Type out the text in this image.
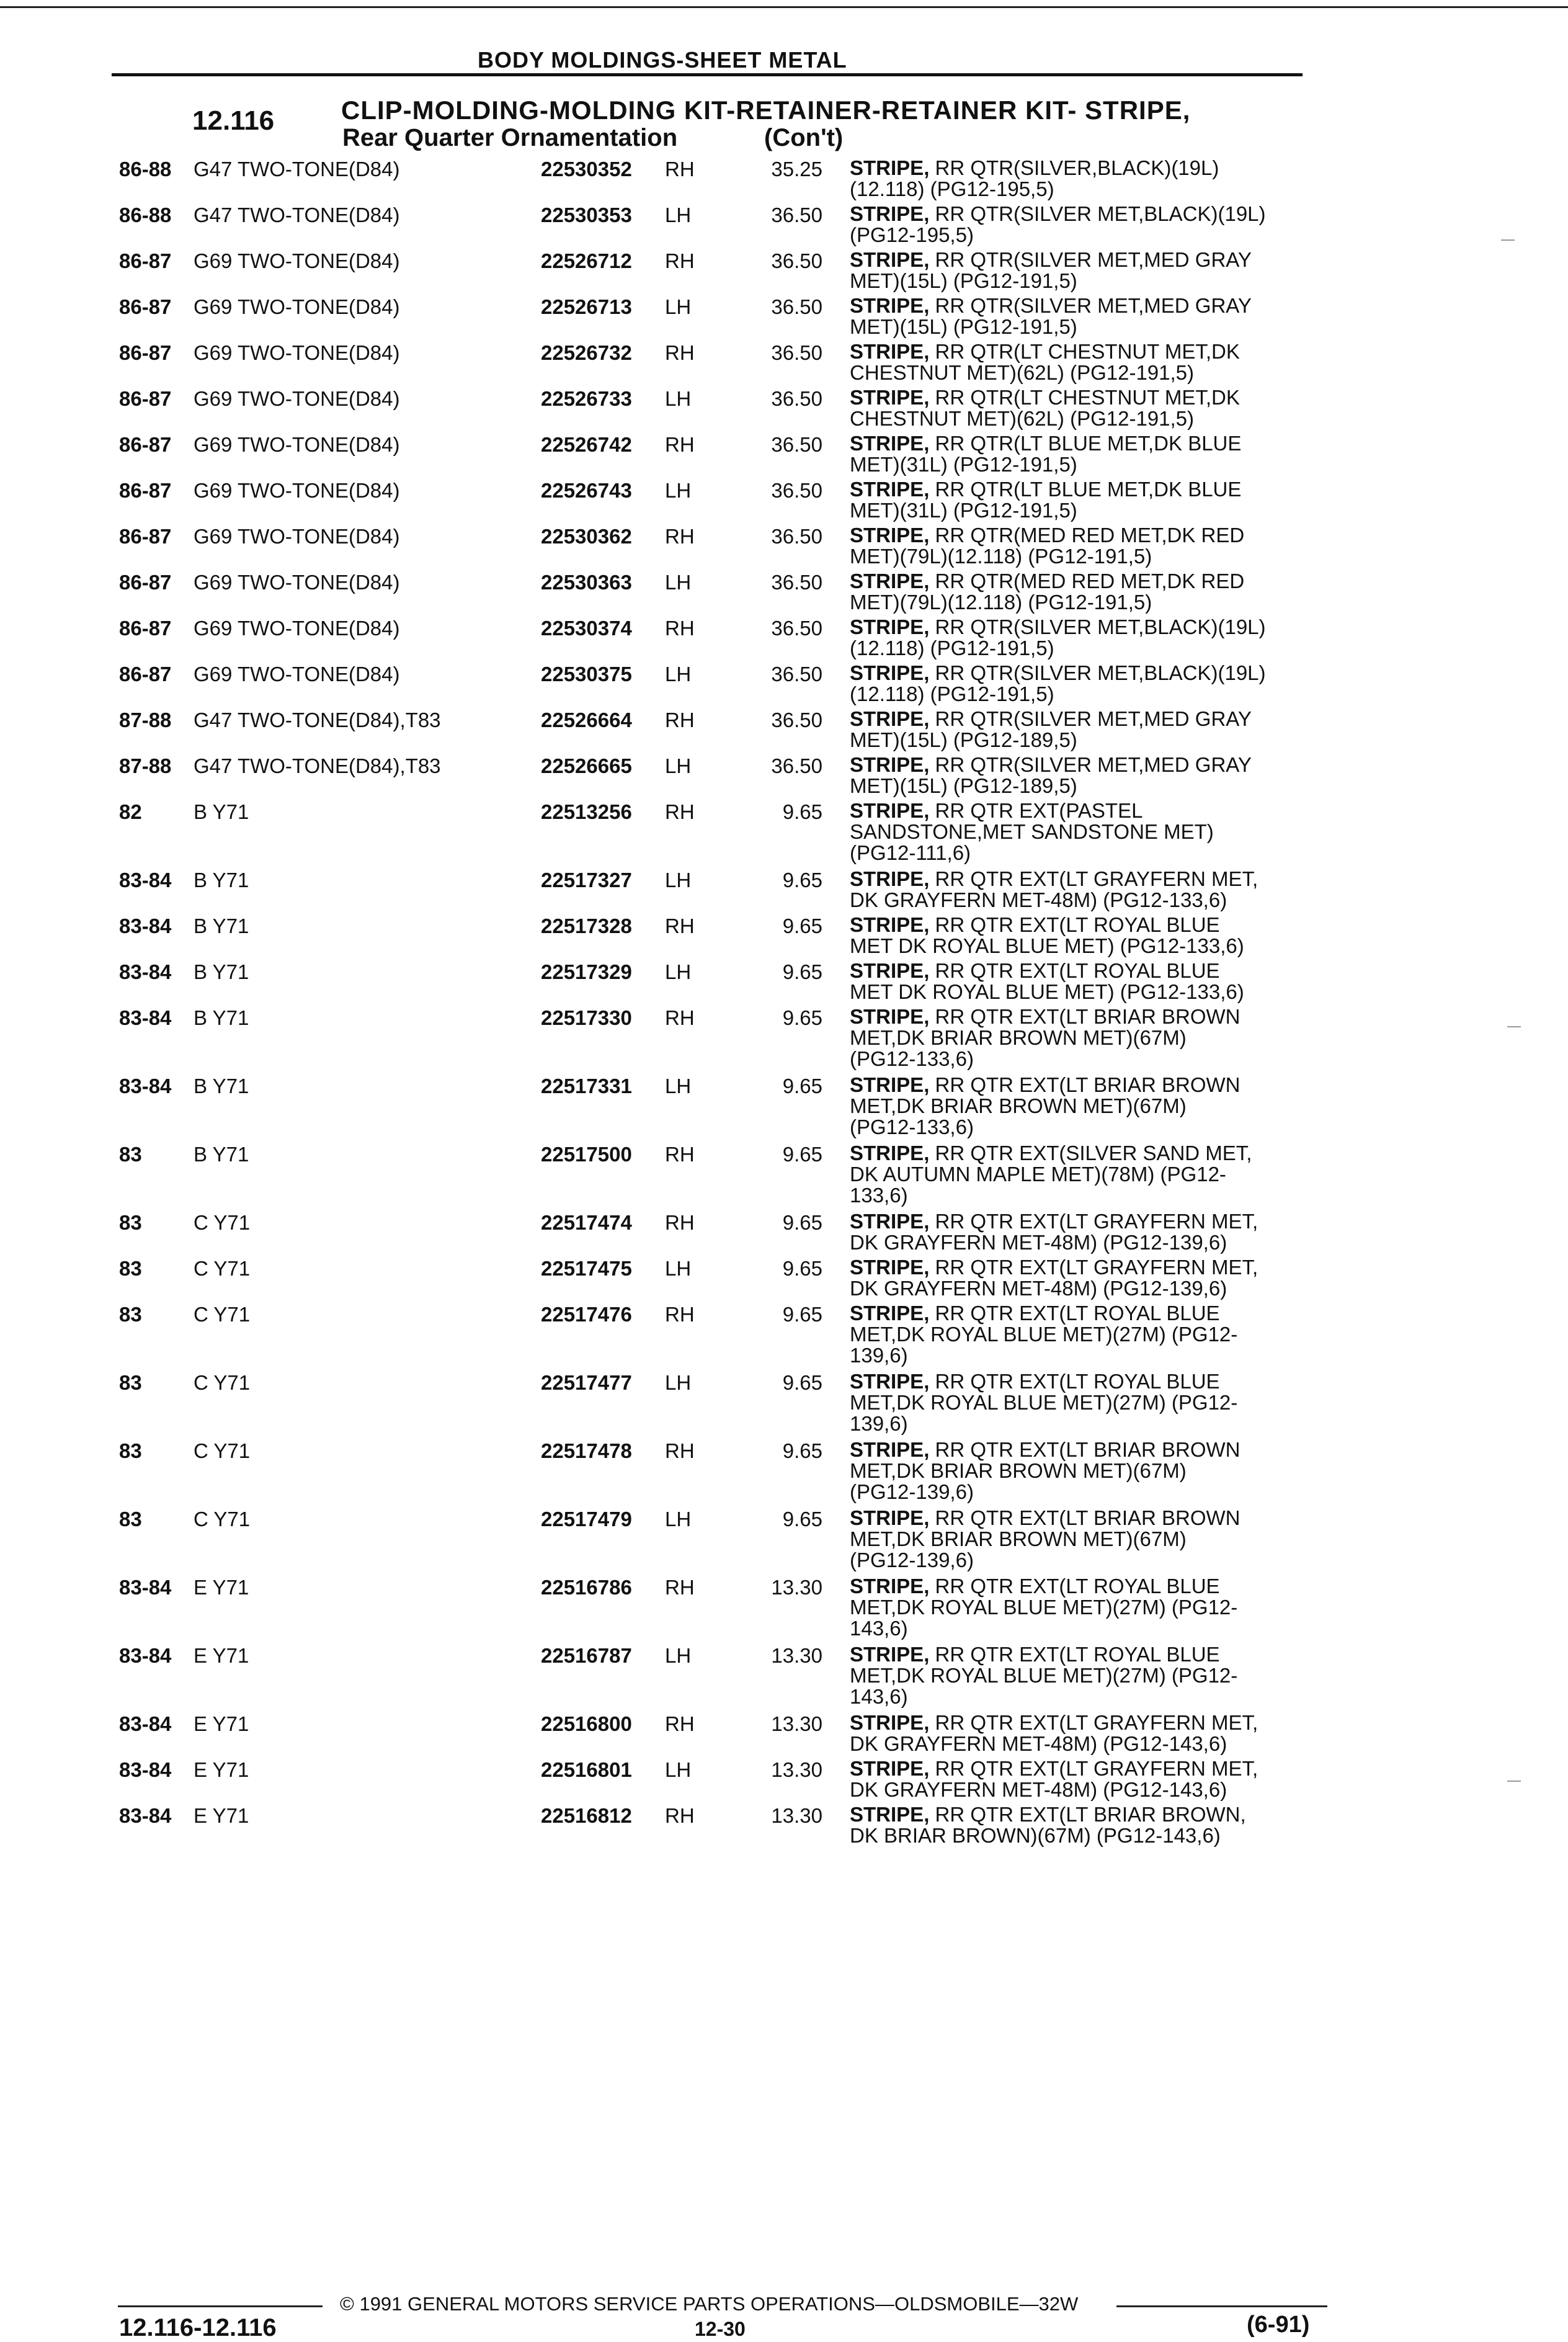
BODY MOLDINGS-SHEET METAL
12.116	CLIP-MOLDING-MOLDING KIT-RETAINER-RETAINER KIT- STRIPE,
Rear Quarter Ornamentation	(Con't)
86-88 G47 TWO-TONE(D84)	22530352 RH	35.25 STRIPE, RR QTR(SILVER,BLACK)(19L)
(12.118) (PG12-195,5)
86-88 G47 TWO-TONE(D84)	22530353 LH	36.50 STRIPE, RR QTR(SILVER MET,BLACK)(19L)
(PG12-195,5)
86-87 G69 TWO-TONE(D84)	22526712 RH	36.50 STRIPE, RR QTR(SILVER MET,MED GRAY
MET)(15L) (PG12-191,5)
86-87 G69 TWO-TONE(D84)	22526713 LH	36.50 STRIPE, RR QTR(SILVER MET,MED GRAY
MET)(15L) (PG12-191,5)
86-87 G69 TWO-TONE(D84)	22526732 RH	36.50 STRIPE, RR QTR(LT CHESTNUT MET,DK
CHESTNUT MET)(62L) (PG12-191,5)
86-87 G69 TWO-TONE(D84)	22526733 LH	36.50 STRIPE, RR QTR(LT CHESTNUT MET,DK
CHESTNUT MET)(62L) (PG12-191,5)
86-87 G69 TWO-TONE(D84)	22526742 RH	36.50 STRIPE, RR QTR(LT BLUE MET,DK BLUE
MET)(31L) (PG12-191,5)
86-87 G69 TWO-TONE(D84)	22526743 LH	36.50 STRIPE, RR QTR(LT BLUE MET,DK BLUE
MET)(31L) (PG12-191,5)
86-87 G69 TWO-TONE(D84)	22530362 RH	36.50 STRIPE, RR QTR(MED RED MET,DK RED
MET)(79L)(12.118) (PG12-191,5)
86-87 G69 TWO-TONE(D84)	22530363 LH	36.50 STRIPE, RR QTR(MED RED MET,DK RED
MET)(79L)(12.118) (PG12-191,5)
86-87 G69 TWO-TONE(D84)	22530374 RH	36.50 STRIPE, RR QTR(SILVER MET,BLACK)(19L)
(12.118) (PG12-191,5)
86-87 G69 TWO-TONE(D84)	22530375 LH	36.50 STRIPE, RR QTR(SILVER MET,BLACK)(19L)
(12.118) (PG12-191,5)
87-88 G47 TWO-TONE(D84),T83	22526664 RH	36.50 STRIPE, RR QTR(SILVER MET,MED GRAY
MET)(15L) (PG12-189,5)
87-88 G47 TWO-TONE(D84),T83	22526665 LH	36.50 STRIPE, RR QTR(SILVER MET,MED GRAY
MET)(15L) (PG12-189,5)
82	B Y71	22513256 RH	9.65 STRIPE, RR QTR EXT(PASTEL
SANDSTONE,MET SANDSTONE MET)
(PG12-111,6)
83-84 B Y71	22517327 LH	9.65 STRIPE, RR QTR EXT(LT GRAYFERN MET,
DK GRAYFERN MET-48M) (PG12-133,6)
83-84 B Y71	22517328 RH	9.65 STRIPE, RR QTR EXT(LT ROYAL BLUE
MET DK ROYAL BLUE MET) (PG12-133,6)
83-84 B Y71	22517329 LH	9.65 STRIPE, RR QTR EXT(LT ROYAL BLUE
MET DK ROYAL BLUE MET) (PG12-133,6)
83-84 B Y71	22517330 RH	9.65 STRIPE, RR QTR EXT(LT BRIAR BROWN
MET,DK BRIAR BROWN MET)(67M)
(PG12-133,6)
83-84 B Y71	22517331 LH	9.65 STRIPE, RR QTR EXT(LT BRIAR BROWN
MET,DK BRIAR BROWN MET)(67M)
(PG12-133,6)
83	B Y71	22517500 RH	9.65 STRIPE, RR QTR EXT(SILVER SAND MET,
DK AUTUMN MAPLE MET)(78M) (PG12-
133,6)
83	C Y71	22517474 RH	9.65 STRIPE, RR QTR EXT(LT GRAYFERN MET,
DK GRAYFERN MET-48M) (PG12-139,6)
83	C Y71	22517475 LH	9.65 STRIPE, RR QTR EXT(LT GRAYFERN MET,
DK GRAYFERN MET-48M) (PG12-139,6)
83	C Y71	22517476 RH	9.65 STRIPE, RR QTR EXT(LT ROYAL BLUE
MET,DK ROYAL BLUE MET)(27M) (PG12-
139,6)
83	C Y71	22517477 LH	9.65 STRIPE, RR QTR EXT(LT ROYAL BLUE
MET,DK ROYAL BLUE MET)(27M) (PG12-
139,6)
83	C Y71	22517478 RH	9.65 STRIPE, RR QTR EXT(LT BRIAR BROWN
MET,DK BRIAR BROWN MET)(67M)
(PG12-139,6)
83	C Y71	22517479 LH	9.65 STRIPE, RR QTR EXT(LT BRIAR BROWN
MET,DK BRIAR BROWN MET)(67M)
(PG12-139,6)
83-84 E Y71	22516786 RH	13.30 STRIPE, RR QTR EXT(LT ROYAL BLUE
MET,DK ROYAL BLUE MET)(27M) (PG12-
143,6)
83-84 E Y71	22516787 LH	13.30 STRIPE, RR QTR EXT(LT ROYAL BLUE
MET,DK ROYAL BLUE MET)(27M) (PG12-
143,6)
83-84 E Y71	22516800 RH	13.30 STRIPE, RR QTR EXT(LT GRAYFERN MET,
DK GRAYFERN MET-48M) (PG12-143,6)
83-84 E Y71	22516801 LH	13.30 STRIPE, RR QTR EXT(LT GRAYFERN MET,
DK GRAYFERN MET-48M) (PG12-143,6)
83-84 E Y71	22516812 RH	13.30 STRIPE, RR QTR EXT(LT BRIAR BROWN,
DK BRIAR BROWN)(67M) (PG12-143,6)
© 1991 GENERAL MOTORS SERVICE PARTS OPERATIONS—OLDSMOBILE—32W
12.116-12.116	12-30	(6-91)
